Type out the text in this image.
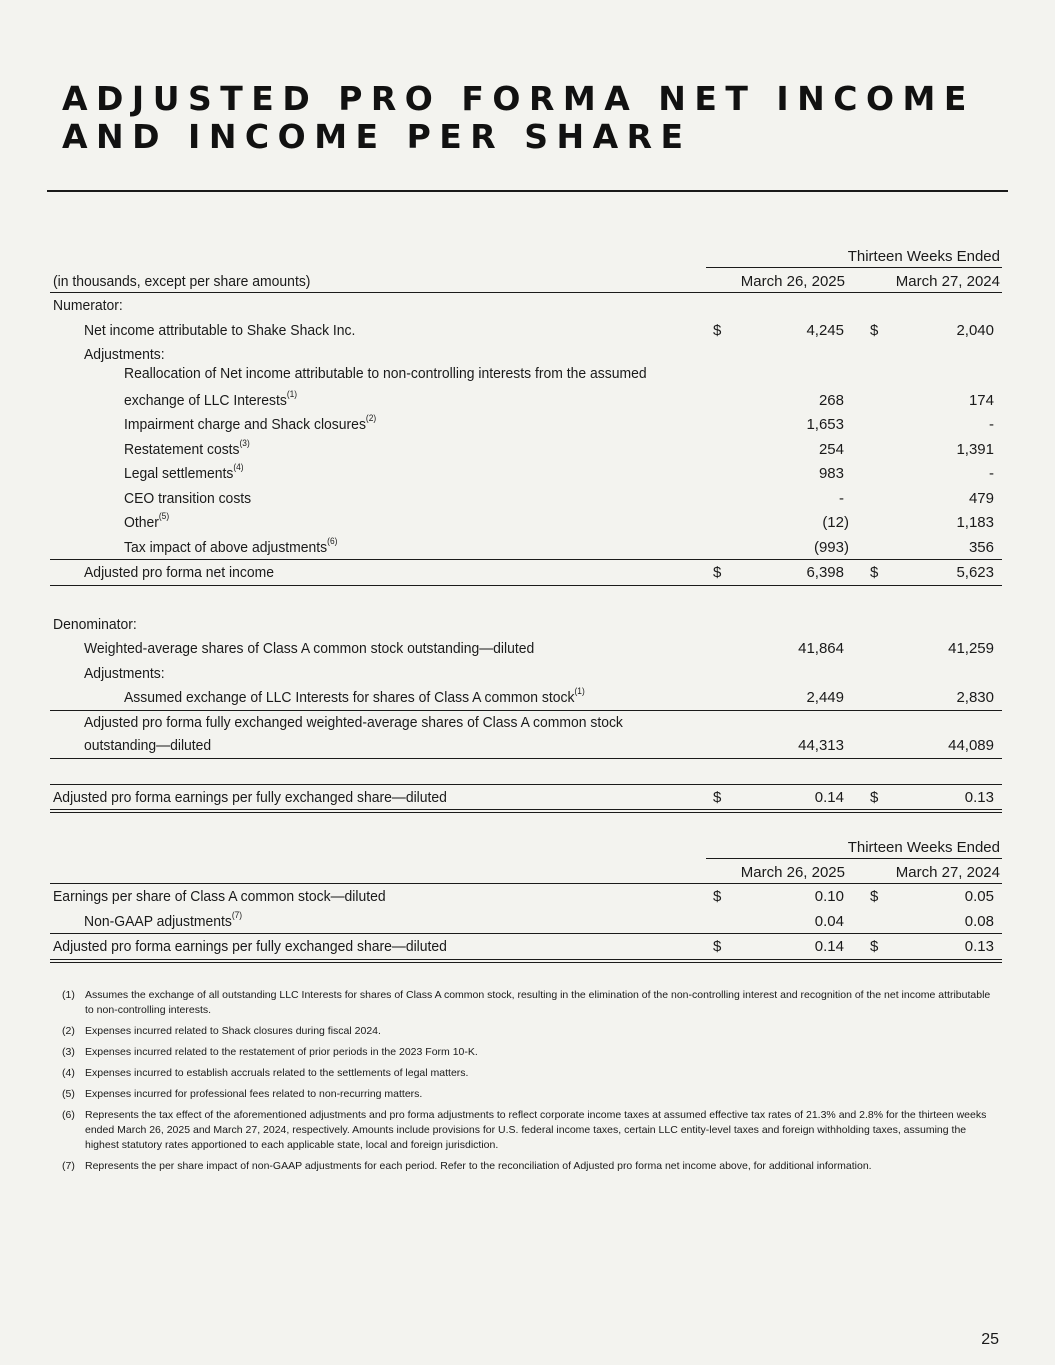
ADJUSTED PRO FORMA NET INCOME AND INCOME PER SHARE
Thirteen Weeks Ended
(in thousands, except per share amounts)	March 26, 2025	March 27, 2024
Numerator:
Net income attributable to Shake Shack Inc.	$	4,245 $	2,040
Adjustments:
Reallocation of Net income attributable to non-controlling interests from the assumed
exchange of LLC Interests$^{(1)}$	268	174
Impairment charge and Shack closures$^{(2)}$	1,653	-
Restatement costs$^{(3)}$	254	1,391
Legal settlements$^{(4)}$	983	-
CEO transition costs	-	479
Other$^{(5)}$	(12)	1,183
Tax impact of above adjustments$^{(6)}$	(993)	356
Adjusted pro forma net income	$	6,398 $	5,623
Denominator:
Weighted-average shares of Class A common stock outstanding—diluted	41,864	41,259
Adjustments:
Assumed exchange of LLC Interests for shares of Class A common stock$^{(1)}$	2,449	2,830
Adjusted pro forma fully exchanged weighted-average shares of Class A common stock
outstanding—diluted	44,313	44,089
Adjusted pro forma earnings per fully exchanged share—diluted	$	0.14 $	0.13
Thirteen Weeks Ended
March 26, 2025	March 27, 2024
Earnings per share of Class A common stock—diluted	$	0.10 $	0.05
Non-GAAP adjustments$^{(7)}$	0.04	0.08
Adjusted pro forma earnings per fully exchanged share—diluted	$	0.14 $	0.13
(1) Assumes the exchange of all outstanding LLC Interests for shares of Class A common stock, resulting in the elimination of the non-controlling interest and recognition of the net income attributable to non-controlling interests.
(2) Expenses incurred related to Shack closures during fiscal 2024.
(3) Expenses incurred related to the restatement of prior periods in the 2023 Form 10-K.
(4) Expenses incurred to establish accruals related to the settlements of legal matters.
(5) Expenses incurred for professional fees related to non-recurring matters.
(6) Represents the tax effect of the aforementioned adjustments and pro forma adjustments to reflect corporate income taxes at assumed effective tax rates of 21.3% and 2.8% for the thirteen weeks ended March 26, 2025 and March 27, 2024, respectively. Amounts include provisions for U.S. federal income taxes, certain LLC entity-level taxes and foreign withholding taxes, assuming the highest statutory rates apportioned to each applicable state, local and foreign jurisdiction.
(7) Represents the per share impact of non-GAAP adjustments for each period. Refer to the reconciliation of Adjusted pro forma net income above, for additional information.
25
